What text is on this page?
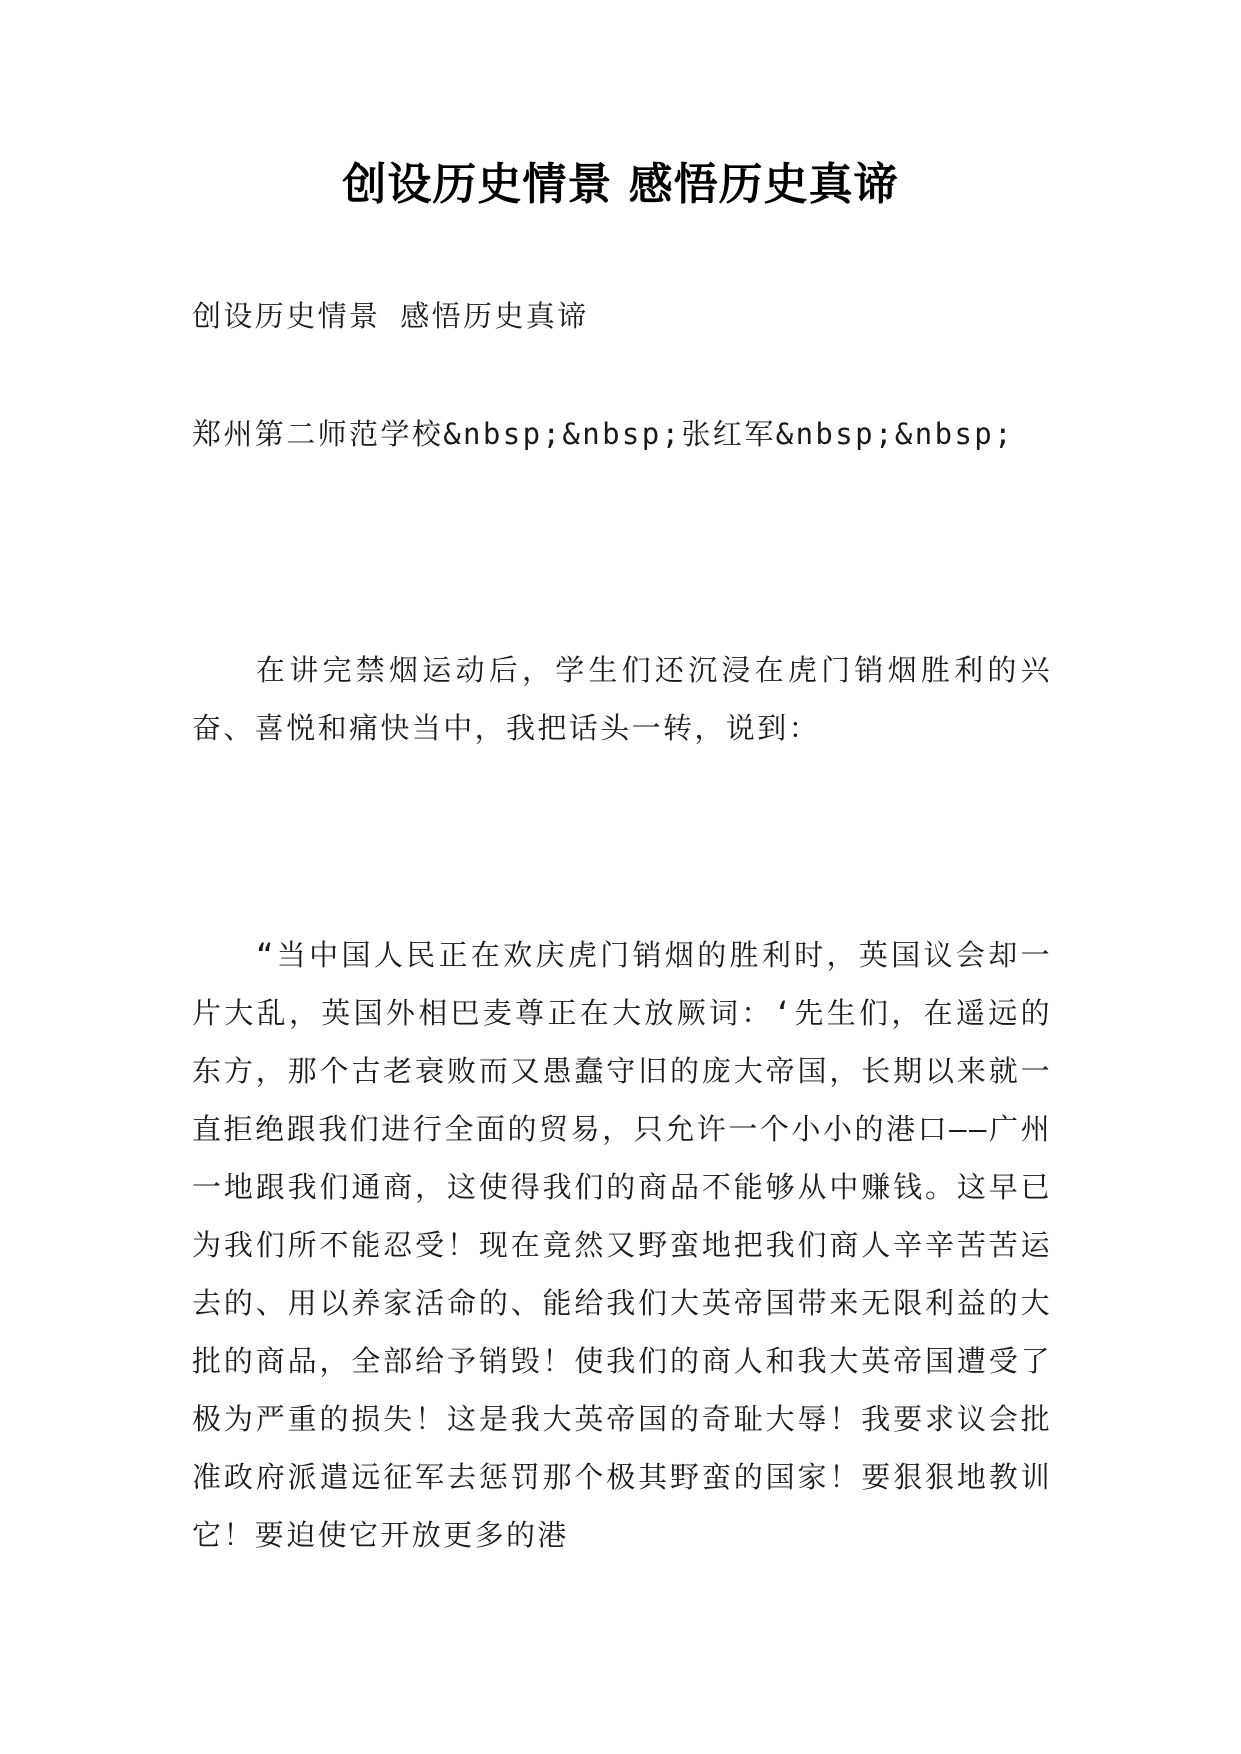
创设历史情景 感悟历史真谛
创设历史情景 感悟历史真谛
郑州第二师范学校&nbsp;&nbsp;张红军&nbsp;&nbsp;

在讲完禁烟运动后，学生们还沉浸在虎门销烟胜利的兴奋、喜悦和痛快当中，我把话头一转，说到：

“当中国人民正在欢庆虎门销烟的胜利时，英国议会却一片大乱，英国外相巴麦尊正在大放厥词：‘先生们，在遥远的东方，那个古老衰败而又愚蠢守旧的庞大帝国，长期以来就一直拒绝跟我们进行全面的贸易，只允许一个小小的港口——广州一地跟我们通商，这使得我们的商品不能够从中赚钱。这早已为我们所不能忍受！现在竟然又野蛮地把我们商人辛辛苦苦运去的、用以养家活命的、能给我们大英帝国带来无限利益的大批的商品，全部给予销毁！使我们的商人和我大英帝国遭受了极为严重的损失！这是我大英帝国的奇耻大辱！我要求议会批准政府派遣远征军去惩罚那个极其野蛮的国家！要狠狠地教训它！要迫使它开放更多的港
